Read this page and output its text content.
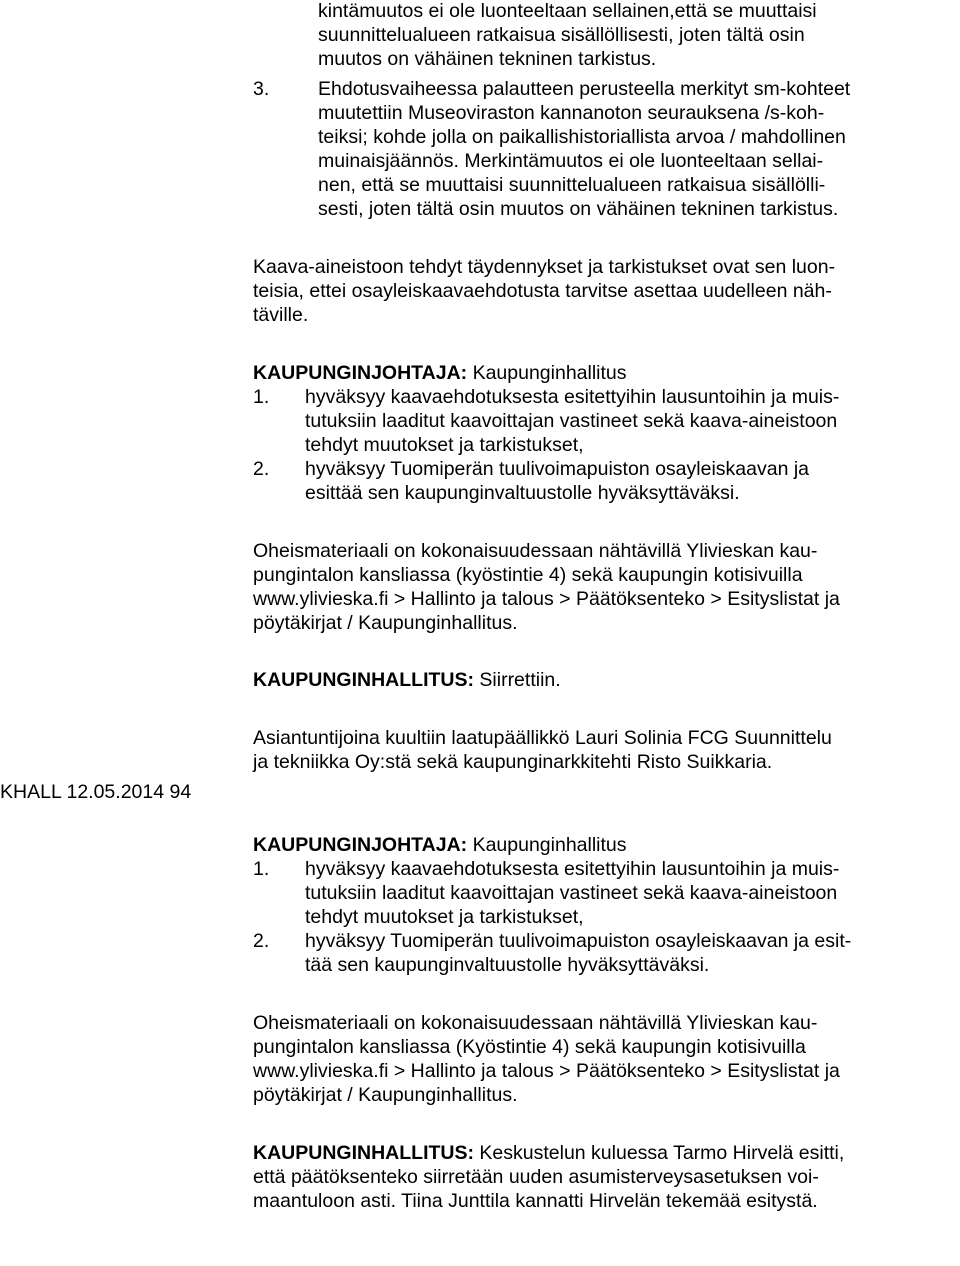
kintämuutos ei ole luonteeltaan sellainen,että se muuttaisi
suunnittelualueen ratkaisua sisällöllisesti, joten tältä osin
muutos on vähäinen tekninen tarkistus.
3. Ehdotusvaiheessa palautteen perusteella merkityt sm-kohteet
muutettiin Museoviraston kannanoton seurauksena /s-koh-
teiksi; kohde jolla on paikallishistoriallista arvoa / mahdollinen
muinaisjäännös. Merkintämuutos ei ole luonteeltaan sellai-
nen, että se muuttaisi suunnittelualueen ratkaisua sisällölli-
sesti, joten tältä osin muutos on vähäinen tekninen tarkistus.
Kaava-aineistoon tehdyt täydennykset ja tarkistukset ovat sen luon-
teisia, ettei osayleiskaavaehdotusta tarvitse asettaa uudelleen näh-
täville.
KAUPUNGINJOHTAJA: Kaupunginhallitus
1. hyväksyy kaavaehdotuksesta esitettyihin lausuntoihin ja muis-
tutuksiin laaditut kaavoittajan vastineet sekä kaava-aineistoon
tehdyt muutokset ja tarkistukset,
2. hyväksyy Tuomiperän tuulivoimapuiston osayleiskaavan ja
esittää sen kaupunginvaltuustolle hyväksyttäväksi.
Oheismateriaali on kokonaisuudessaan nähtävillä Ylivieskan kau-
pungintalon kansliassa (kyöstintie 4) sekä kaupungin kotisivuilla
www.ylivieska.fi > Hallinto ja talous > Päätöksenteko > Esityslistat ja
pöytäkirjat / Kaupunginhallitus.
KAUPUNGINHALLITUS: Siirrettiin.
Asiantuntijoina kuultiin laatupäällikkö Lauri Solinia FCG Suunnittelu
ja tekniikka Oy:stä sekä kaupunginarkkitehti Risto Suikkaria.
KHALL 12.05.2014 94
KAUPUNGINJOHTAJA: Kaupunginhallitus
1. hyväksyy kaavaehdotuksesta esitettyihin lausuntoihin ja muis-
tutuksiin laaditut kaavoittajan vastineet sekä kaava-aineistoon
tehdyt muutokset ja tarkistukset,
2. hyväksyy Tuomiperän tuulivoimapuiston osayleiskaavan ja esit-
tää sen kaupunginvaltuustolle hyväksyttäväksi.
Oheismateriaali on kokonaisuudessaan nähtävillä Ylivieskan kau-
pungintalon kansliassa (Kyöstintie 4) sekä kaupungin kotisivuilla
www.ylivieska.fi > Hallinto ja talous > Päätöksenteko > Esityslistat ja
pöytäkirjat / Kaupunginhallitus.
KAUPUNGINHALLITUS: Keskustelun kuluessa Tarmo Hirvelä esitti,
että päätöksenteko siirretään uuden asumisterveysasetuksen voi-
maantuloon asti. Tiina Junttila kannatti Hirvelän tekemää esitystä.
